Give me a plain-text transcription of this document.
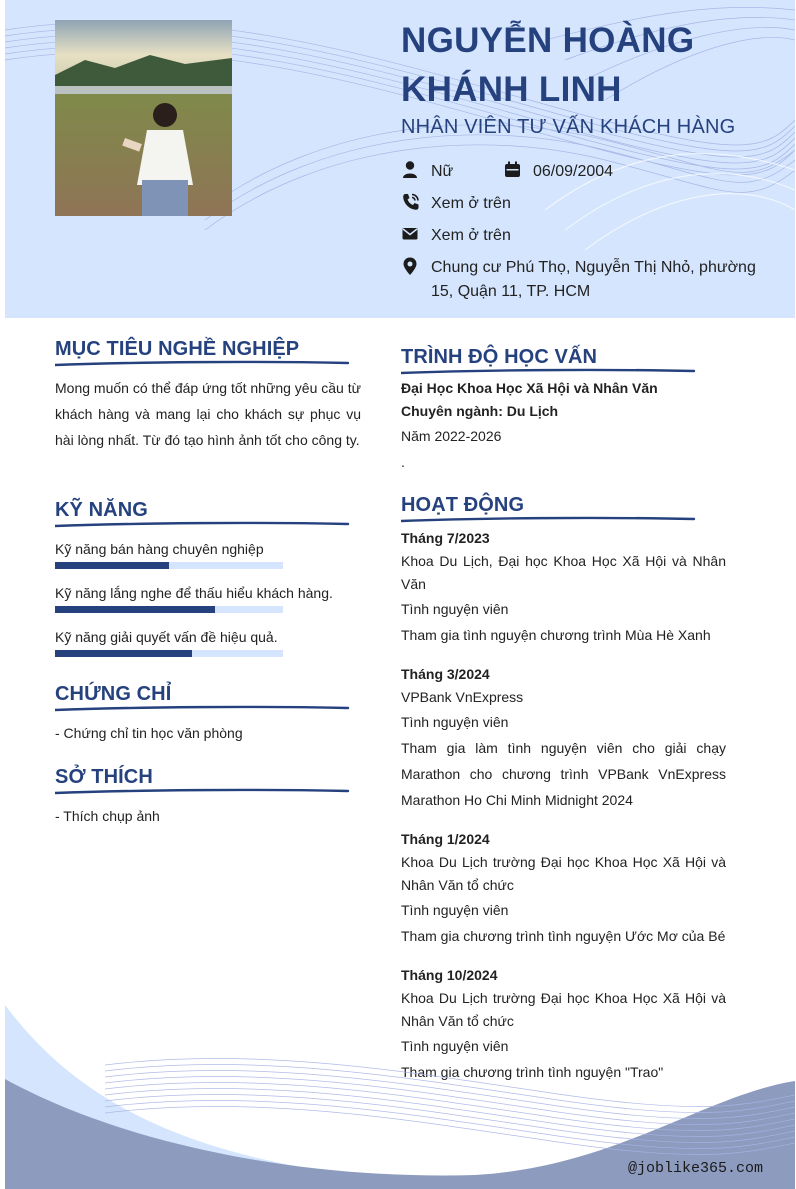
NGUYỄN HOÀNG KHÁNH LINH
NHÂN VIÊN TƯ VẤN KHÁCH HÀNG
Nữ	06/09/2004
Xem ở trên
Xem ở trên
Chung cư Phú Thọ, Nguyễn Thị Nhỏ, phường 15, Quận 11, TP. HCM
MỤC TIÊU NGHỀ NGHIỆP
Mong muốn có thể đáp ứng tốt những yêu cầu từ khách hàng và mang lại cho khách sự phục vụ hài lòng nhất. Từ đó tạo hình ảnh tốt cho công ty.
KỸ NĂNG
Kỹ năng bán hàng chuyên nghiệp
Kỹ năng lắng nghe để thấu hiểu khách hàng.
Kỹ năng giải quyết vấn đề hiệu quả.
CHỨNG CHỈ
- Chứng chỉ tin học văn phòng
SỞ THÍCH
- Thích chụp ảnh
TRÌNH ĐỘ HỌC VẤN
Đại Học Khoa Học Xã Hội và Nhân Văn
Chuyên ngành: Du Lịch
Năm 2022-2026
.
HOẠT ĐỘNG
Tháng 7/2023
Khoa Du Lịch, Đại học Khoa Học Xã Hội và Nhân Văn
Tình nguyện viên
Tham gia tình nguyện chương trình Mùa Hè Xanh
Tháng 3/2024
VPBank VnExpress
Tình nguyện viên
Tham gia làm tình nguyện viên cho giải chạy Marathon cho chương trình VPBank VnExpress Marathon Ho Chi Minh Midnight 2024
Tháng 1/2024
Khoa Du Lịch trường Đại học Khoa Học Xã Hội và Nhân Văn tổ chức
Tình nguyện viên
Tham gia chương trình tình nguyện Ước Mơ của Bé
Tháng 10/2024
Khoa Du Lịch trường Đại học Khoa Học Xã Hội và Nhân Văn tổ chức
Tình nguyện viên
Tham gia chương trình tình nguyện "Trao"
@joblike365.com
